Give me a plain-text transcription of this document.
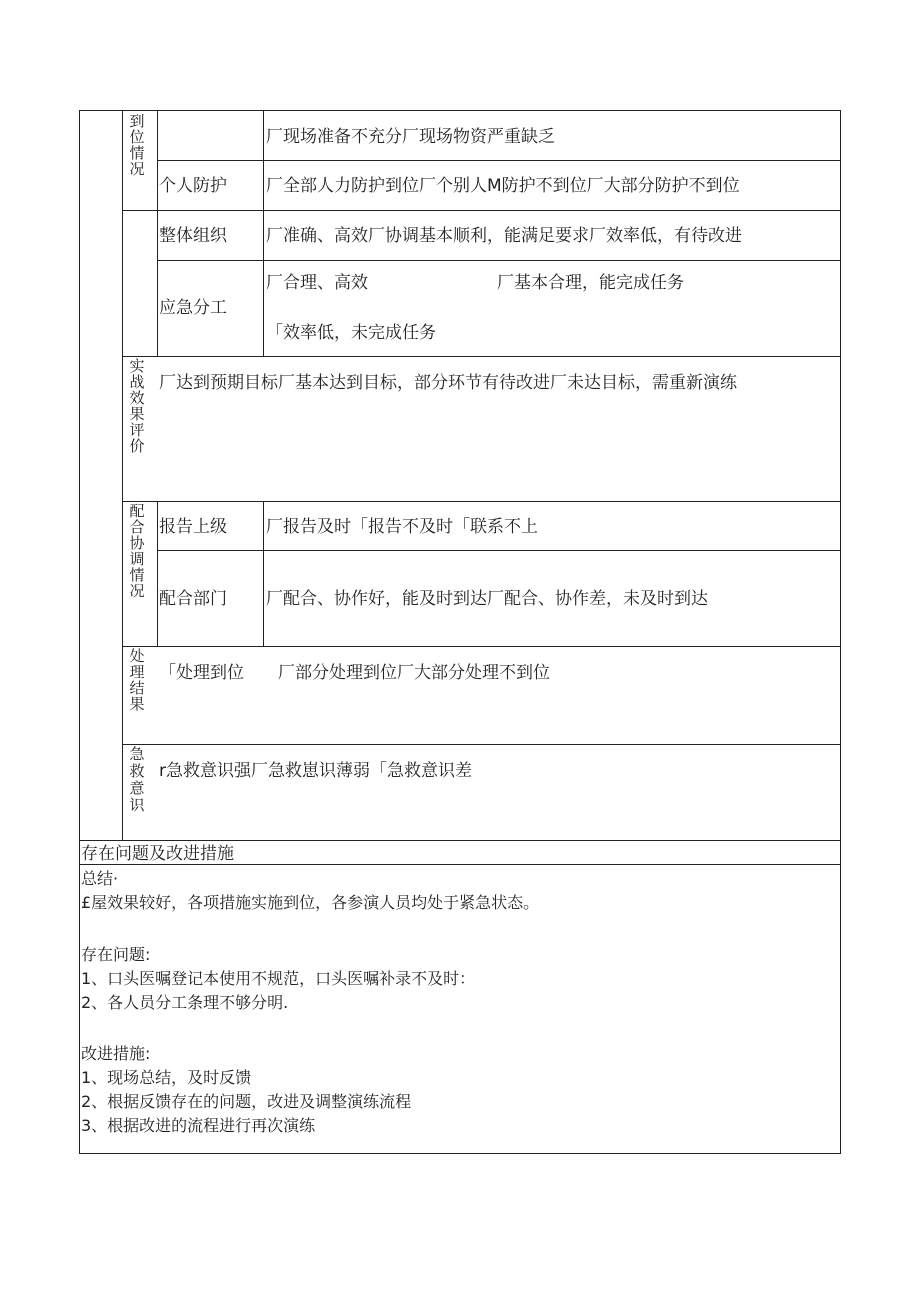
到位情况
实战效果评价
配合协调情况
处理结果
急救意识
个人防护
整体组织
应急分工
报告上级
配合部门
厂现场准备不充分厂现场物资严重缺乏
厂全部人力防护到位厂个别人M防护不到位厂大部分防护不到位
厂准确、高效厂协调基本顺利，能满足要求厂效率低，有待改进
厂合理、高效	厂基本合理，能完成任务
「效率低，未完成任务
厂达到预期目标厂基本达到目标，部分环节有待改进厂未达目标，需重新演练
厂报告及时「报告不及时「联系不上
厂配合、协作好，能及时到达厂配合、协作差，未及时到达
「处理到位 厂部分处理到位厂大部分处理不到位
r急救意识强厂急救崽识薄弱「急救意识差
存在问题及改进措施
总结·
£屋效果较好，各项措施实施到位，各参演人员均处于紧急状态。
存在问题:
1、口头医嘱登记本使用不规范，口头医嘱补录不及时：
2、各人员分工条理不够分明.
改进措施:
1、现场总结，及时反馈
2、根据反馈存在的问题，改进及调整演练流程
3、根据改进的流程进行再次演练
